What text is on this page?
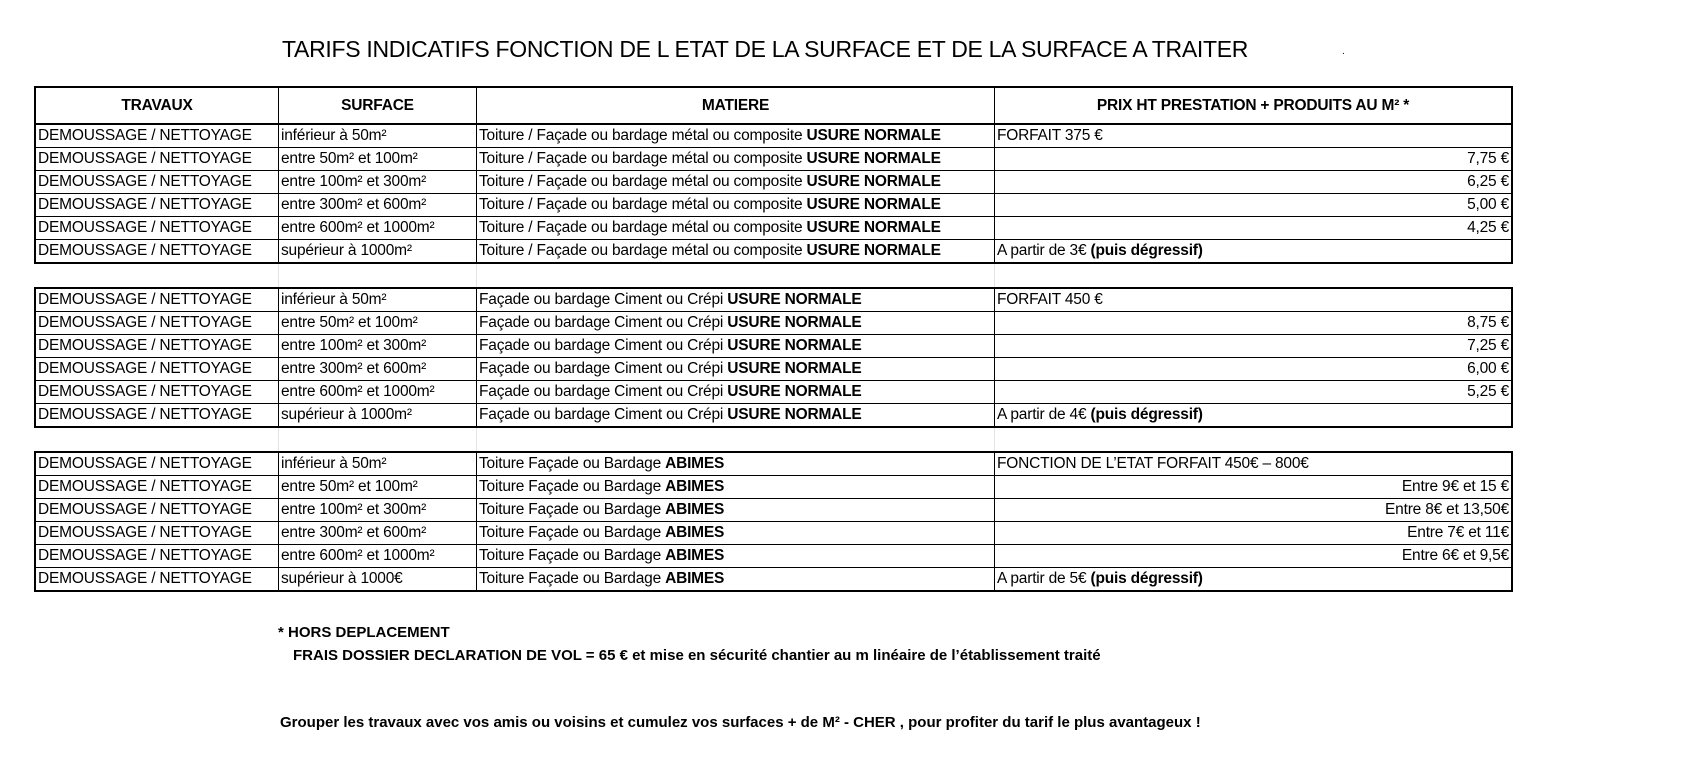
TARIFS INDICATIFS FONCTION DE L ETAT DE LA SURFACE ET DE LA SURFACE A TRAITER	.
TRAVAUX	SURFACE	MATIERE	PRIX HT PRESTATION + PRODUITS AU M² *
DEMOUSSAGE / NETTOYAGE	inférieur à 50m²	Toiture / Façade ou bardage métal ou composite USURE NORMALE	FORFAIT 375 €
DEMOUSSAGE / NETTOYAGE	entre 50m² et 100m²	Toiture / Façade ou bardage métal ou composite USURE NORMALE	7,75 €
DEMOUSSAGE / NETTOYAGE	entre 100m² et 300m²	Toiture / Façade ou bardage métal ou composite USURE NORMALE	6,25 €
DEMOUSSAGE / NETTOYAGE	entre 300m² et 600m²	Toiture / Façade ou bardage métal ou composite USURE NORMALE	5,00 €
DEMOUSSAGE / NETTOYAGE	entre 600m² et 1000m²	Toiture / Façade ou bardage métal ou composite USURE NORMALE	4,25 €
DEMOUSSAGE / NETTOYAGE	supérieur à 1000m²	Toiture / Façade ou bardage métal ou composite USURE NORMALE	A partir de 3€ (puis dégressif)

DEMOUSSAGE / NETTOYAGE	inférieur à 50m²	Façade ou bardage Ciment ou Crépi USURE NORMALE	FORFAIT 450 €
DEMOUSSAGE / NETTOYAGE	entre 50m² et 100m²	Façade ou bardage Ciment ou Crépi USURE NORMALE	8,75 €
DEMOUSSAGE / NETTOYAGE	entre 100m² et 300m²	Façade ou bardage Ciment ou Crépi USURE NORMALE	7,25 €
DEMOUSSAGE / NETTOYAGE	entre 300m² et 600m²	Façade ou bardage Ciment ou Crépi USURE NORMALE	6,00 €
DEMOUSSAGE / NETTOYAGE	entre 600m² et 1000m²	Façade ou bardage Ciment ou Crépi USURE NORMALE	5,25 €
DEMOUSSAGE / NETTOYAGE	supérieur à 1000m²	Façade ou bardage Ciment ou Crépi USURE NORMALE	A partir de 4€ (puis dégressif)

DEMOUSSAGE / NETTOYAGE	inférieur à 50m²	Toiture Façade ou Bardage ABIMES	FONCTION DE L’ETAT FORFAIT 450€ – 800€
DEMOUSSAGE / NETTOYAGE	entre 50m² et 100m²	Toiture Façade ou Bardage ABIMES	Entre 9€ et 15 €
DEMOUSSAGE / NETTOYAGE	entre 100m² et 300m²	Toiture Façade ou Bardage ABIMES	Entre 8€ et 13,50€
DEMOUSSAGE / NETTOYAGE	entre 300m² et 600m²	Toiture Façade ou Bardage ABIMES	Entre 7€ et 11€
DEMOUSSAGE / NETTOYAGE	entre 600m² et 1000m²	Toiture Façade ou Bardage ABIMES	Entre 6€ et 9,5€
DEMOUSSAGE / NETTOYAGE	supérieur à 1000€	Toiture Façade ou Bardage ABIMES	A partir de 5€ (puis dégressif)
* HORS DEPLACEMENT
FRAIS DOSSIER DECLARATION DE VOL = 65 € et mise en sécurité chantier au m linéaire de l’établissement traité
Grouper les travaux avec vos amis ou voisins et cumulez vos surfaces + de M² - CHER , pour profiter du tarif le plus avantageux !
